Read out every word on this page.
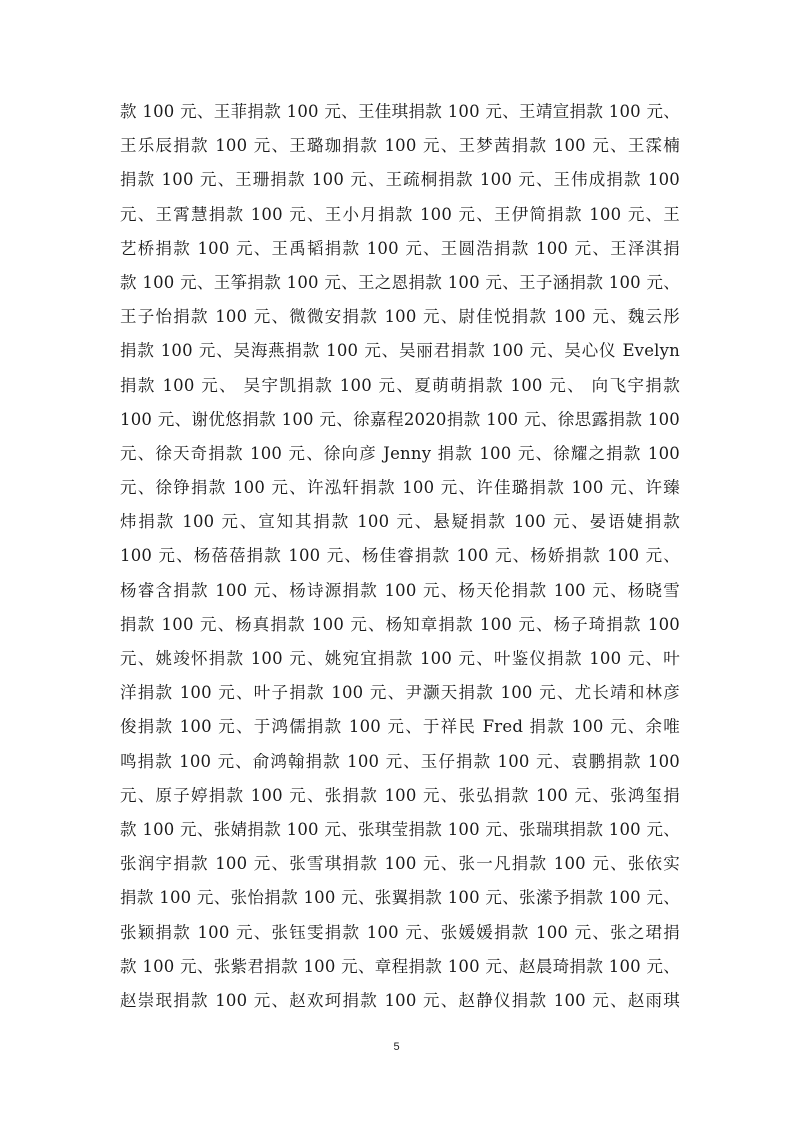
款 100 元、王菲捐款 100 元、王佳琪捐款 100 元、王靖宣捐款 100 元、
王乐辰捐款 100 元、王璐珈捐款 100 元、王梦茜捐款 100 元、王霂楠
捐款 100 元、王珊捐款 100 元、王疏桐捐款 100 元、王伟成捐款 100
元、王霄慧捐款 100 元、王小月捐款 100 元、王伊简捐款 100 元、王
艺桥捐款 100 元、王禹韬捐款 100 元、王圆浩捐款 100 元、王泽淇捐
款 100 元、王筝捐款 100 元、王之恩捐款 100 元、王子涵捐款 100 元、
王子怡捐款 100 元、微微安捐款 100 元、尉佳悦捐款 100 元、魏云彤
捐款 100 元、吴海燕捐款 100 元、吴丽君捐款 100 元、吴心仪 Evelyn
捐款 100 元、 吴宇凯捐款 100 元、夏萌萌捐款 100 元、 向飞宇捐款
100 元、谢优悠捐款 100 元、徐嘉程2020捐款 100 元、徐思露捐款 100
元、徐天奇捐款 100 元、徐向彦 Jenny 捐款 100 元、徐耀之捐款 100
元、徐铮捐款 100 元、许泓轩捐款 100 元、许佳璐捐款 100 元、许臻
炜捐款 100 元、宣知其捐款 100 元、悬疑捐款 100 元、晏语婕捐款
100 元、杨蓓蓓捐款 100 元、杨佳睿捐款 100 元、杨娇捐款 100 元、
杨睿含捐款 100 元、杨诗源捐款 100 元、杨天伦捐款 100 元、杨晓雪
捐款 100 元、杨真捐款 100 元、杨知章捐款 100 元、杨子琦捐款 100
元、姚竣怀捐款 100 元、姚宛宜捐款 100 元、叶鉴仪捐款 100 元、叶
洋捐款 100 元、叶子捐款 100 元、尹灏天捐款 100 元、尤长靖和林彦
俊捐款 100 元、于鸿儒捐款 100 元、于祥民 Fred 捐款 100 元、余唯
鸣捐款 100 元、俞鸿翰捐款 100 元、玉仔捐款 100 元、袁鹏捐款 100
元、原子婷捐款 100 元、张捐款 100 元、张弘捐款 100 元、张鸿玺捐
款 100 元、张婧捐款 100 元、张琪莹捐款 100 元、张瑞琪捐款 100 元、
张润宇捐款 100 元、张雪琪捐款 100 元、张一凡捐款 100 元、张依实
捐款 100 元、张怡捐款 100 元、张翼捐款 100 元、张潆予捐款 100 元、
张颖捐款 100 元、张钰雯捐款 100 元、张媛媛捐款 100 元、张之珺捐
款 100 元、张紫君捐款 100 元、章程捐款 100 元、赵晨琦捐款 100 元、
赵崇珉捐款 100 元、赵欢珂捐款 100 元、赵静仪捐款 100 元、赵雨琪
5
